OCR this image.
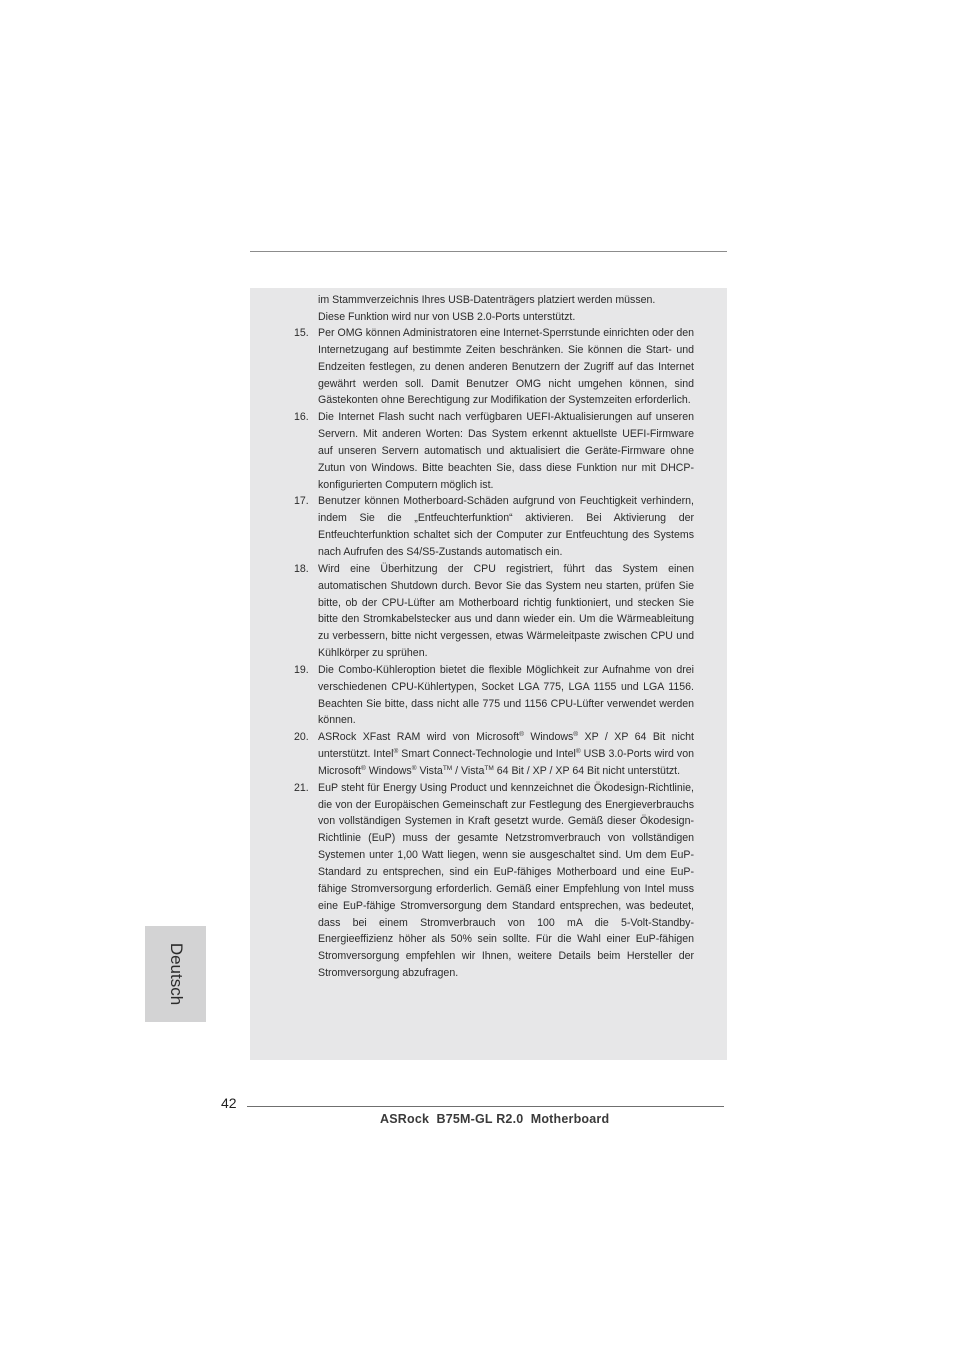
im Stammverzeichnis Ihres USB-Datenträgers platziert werden müssen.

Diese Funktion wird nur von USB 2.0-Ports unterstützt.

15. Per OMG können Administratoren eine Internet-Sperrstunde einrichten oder den Internetzugang auf bestimmte Zeiten beschränken. Sie können die Start- und Endzeiten festlegen, zu denen anderen Benutzern der Zugriff auf das Internet gewährt werden soll. Damit Benutzer OMG nicht umgehen können, sind Gästekonten ohne Berechtigung zur Modifikation der Systemzeiten erforderlich.
16. Die Internet Flash sucht nach verfügbaren UEFI-Aktualisierungen auf unseren Servern. Mit anderen Worten: Das System erkennt aktuellste UEFI-Firmware auf unseren Servern automatisch und aktualisiert die Geräte-Firmware ohne Zutun von Windows. Bitte beachten Sie, dass diese Funktion nur mit DHCP-konfigurierten Computern möglich ist.
17. Benutzer können Motherboard-Schäden aufgrund von Feuchtigkeit verhindern, indem Sie die „Entfeuchterfunktion“ aktivieren. Bei Aktivierung der Entfeuchterfunktion schaltet sich der Computer zur Entfeuchtung des Systems nach Aufrufen des S4/S5-Zustands automatisch ein.
18. Wird eine Überhitzung der CPU registriert, führt das System einen automatischen Shutdown durch. Bevor Sie das System neu starten, prüfen Sie bitte, ob der CPU-Lüfter am Motherboard richtig funktioniert, und stecken Sie bitte den Stromkabelstecker aus und dann wieder ein. Um die Wärmeableitung zu verbessern, bitte nicht vergessen, etwas Wärmeleitpaste zwischen CPU und Kühlkörper zu sprühen.
19. Die Combo-Kühleroption bietet die flexible Möglichkeit zur Aufnahme von drei verschiedenen CPU-Kühlertypen, Socket LGA 775, LGA 1155 und LGA 1156. Beachten Sie bitte, dass nicht alle 775 und 1156 CPU-Lüfter verwendet werden können.
20. ASRock XFast RAM wird von Microsoft® Windows® XP / XP 64 Bit nicht unterstützt. Intel® Smart Connect-Technologie und Intel® USB 3.0-Ports wird von Microsoft® Windows® Vista™ / Vista™ 64 Bit / XP / XP 64 Bit nicht unterstützt.
21. EuP steht für Energy Using Product und kennzeichnet die Ökodesign-Richtlinie, die von der Europäischen Gemeinschaft zur Festlegung des Energieverbrauchs von vollständigen Systemen in Kraft gesetzt wurde. Gemäß dieser Ökodesign-Richtlinie (EuP) muss der gesamte Netzstromverbrauch von vollständigen Systemen unter 1,00 Watt liegen, wenn sie ausgeschaltet sind. Um dem EuP-Standard zu entsprechen, sind ein EuP-fähiges Motherboard und eine EuP-fähige Stromversorgung erforderlich. Gemäß einer Empfehlung von Intel muss eine EuP-fähige Stromversorgung dem Standard entsprechen, was bedeutet, dass bei einem Stromverbrauch von 100 mA die 5-Volt-Standby-Energieeffizienz höher als 50% sein sollte. Für die Wahl einer EuP-fähigen Stromversorgung empfehlen wir Ihnen, weitere Details beim Hersteller der Stromversorgung abzufragen.
Deutsch
42
ASRock  B75M-GL R2.0  Motherboard
